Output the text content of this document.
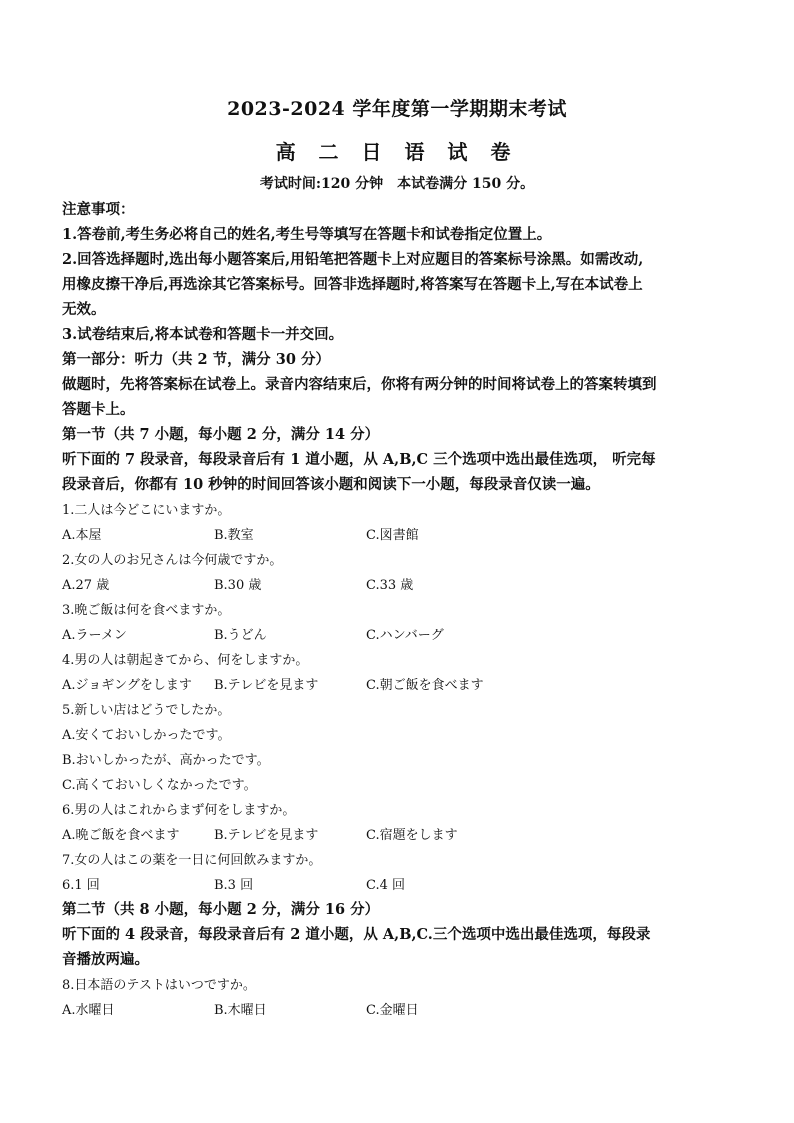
2023-2024 学年度第一学期期末考试
高 二 日 语 试 卷
考试时间:120 分钟　本试卷满分 150 分。
注意事项：
1.答卷前,考生务必将自己的姓名,考生号等填写在答题卡和试卷指定位置上。
2.回答选择题时,选出每小题答案后,用铅笔把答题卡上对应题目的答案标号涂黑。如需改动,
用橡皮擦干净后,再选涂其它答案标号。回答非选择题时,将答案写在答题卡上,写在本试卷上
无效。
3.试卷结束后,将本试卷和答题卡一并交回。
第一部分：听力（共 2 节，满分 30 分）
做题时，先将答案标在试卷上。录音内容结束后，你将有两分钟的时间将试卷上的答案转填到
答题卡上。
第一节（共 7 小题，每小题 2 分，满分 14 分）
听下面的 7 段录音，每段录音后有 1 道小题，从 A,B,C 三个选项中选出最佳选项， 听完每
段录音后，你都有 10 秒钟的时间回答该小题和阅读下一小题，每段录音仅读一遍。
1.二人は今どこにいますか。
A.本屋	B.教室	C.図書館
2.女の人のお兄さんは今何歳ですか。
A.27 歳	B.30 歳	C.33 歳
3.晩ご飯は何を食べますか。
A.ラーメン	B.うどん	C.ハンバーグ
4.男の人は朝起きてから、何をしますか。
A.ジョギングをします B.テレビを見ます	C.朝ご飯を食べます
5.新しい店はどうでしたか。
A.安くておいしかったです。
B.おいしかったが、高かったです。
C.高くておいしくなかったです。
6.男の人はこれからまず何をしますか。
A.晩ご飯を食べます	B.テレビを見ます	C.宿題をします
7.女の人はこの薬を一日に何回飲みますか。
6.1 回	B.3 回	C.4 回
第二节（共 8 小题，每小题 2 分，满分 16 分）
听下面的 4 段录音，每段录音后有 2 道小题，从 A,B,C.三个选项中选出最佳选项，每段录
音播放两遍。
8.日本語のテストはいつですか。
A.水曜日	B.木曜日	C.金曜日
